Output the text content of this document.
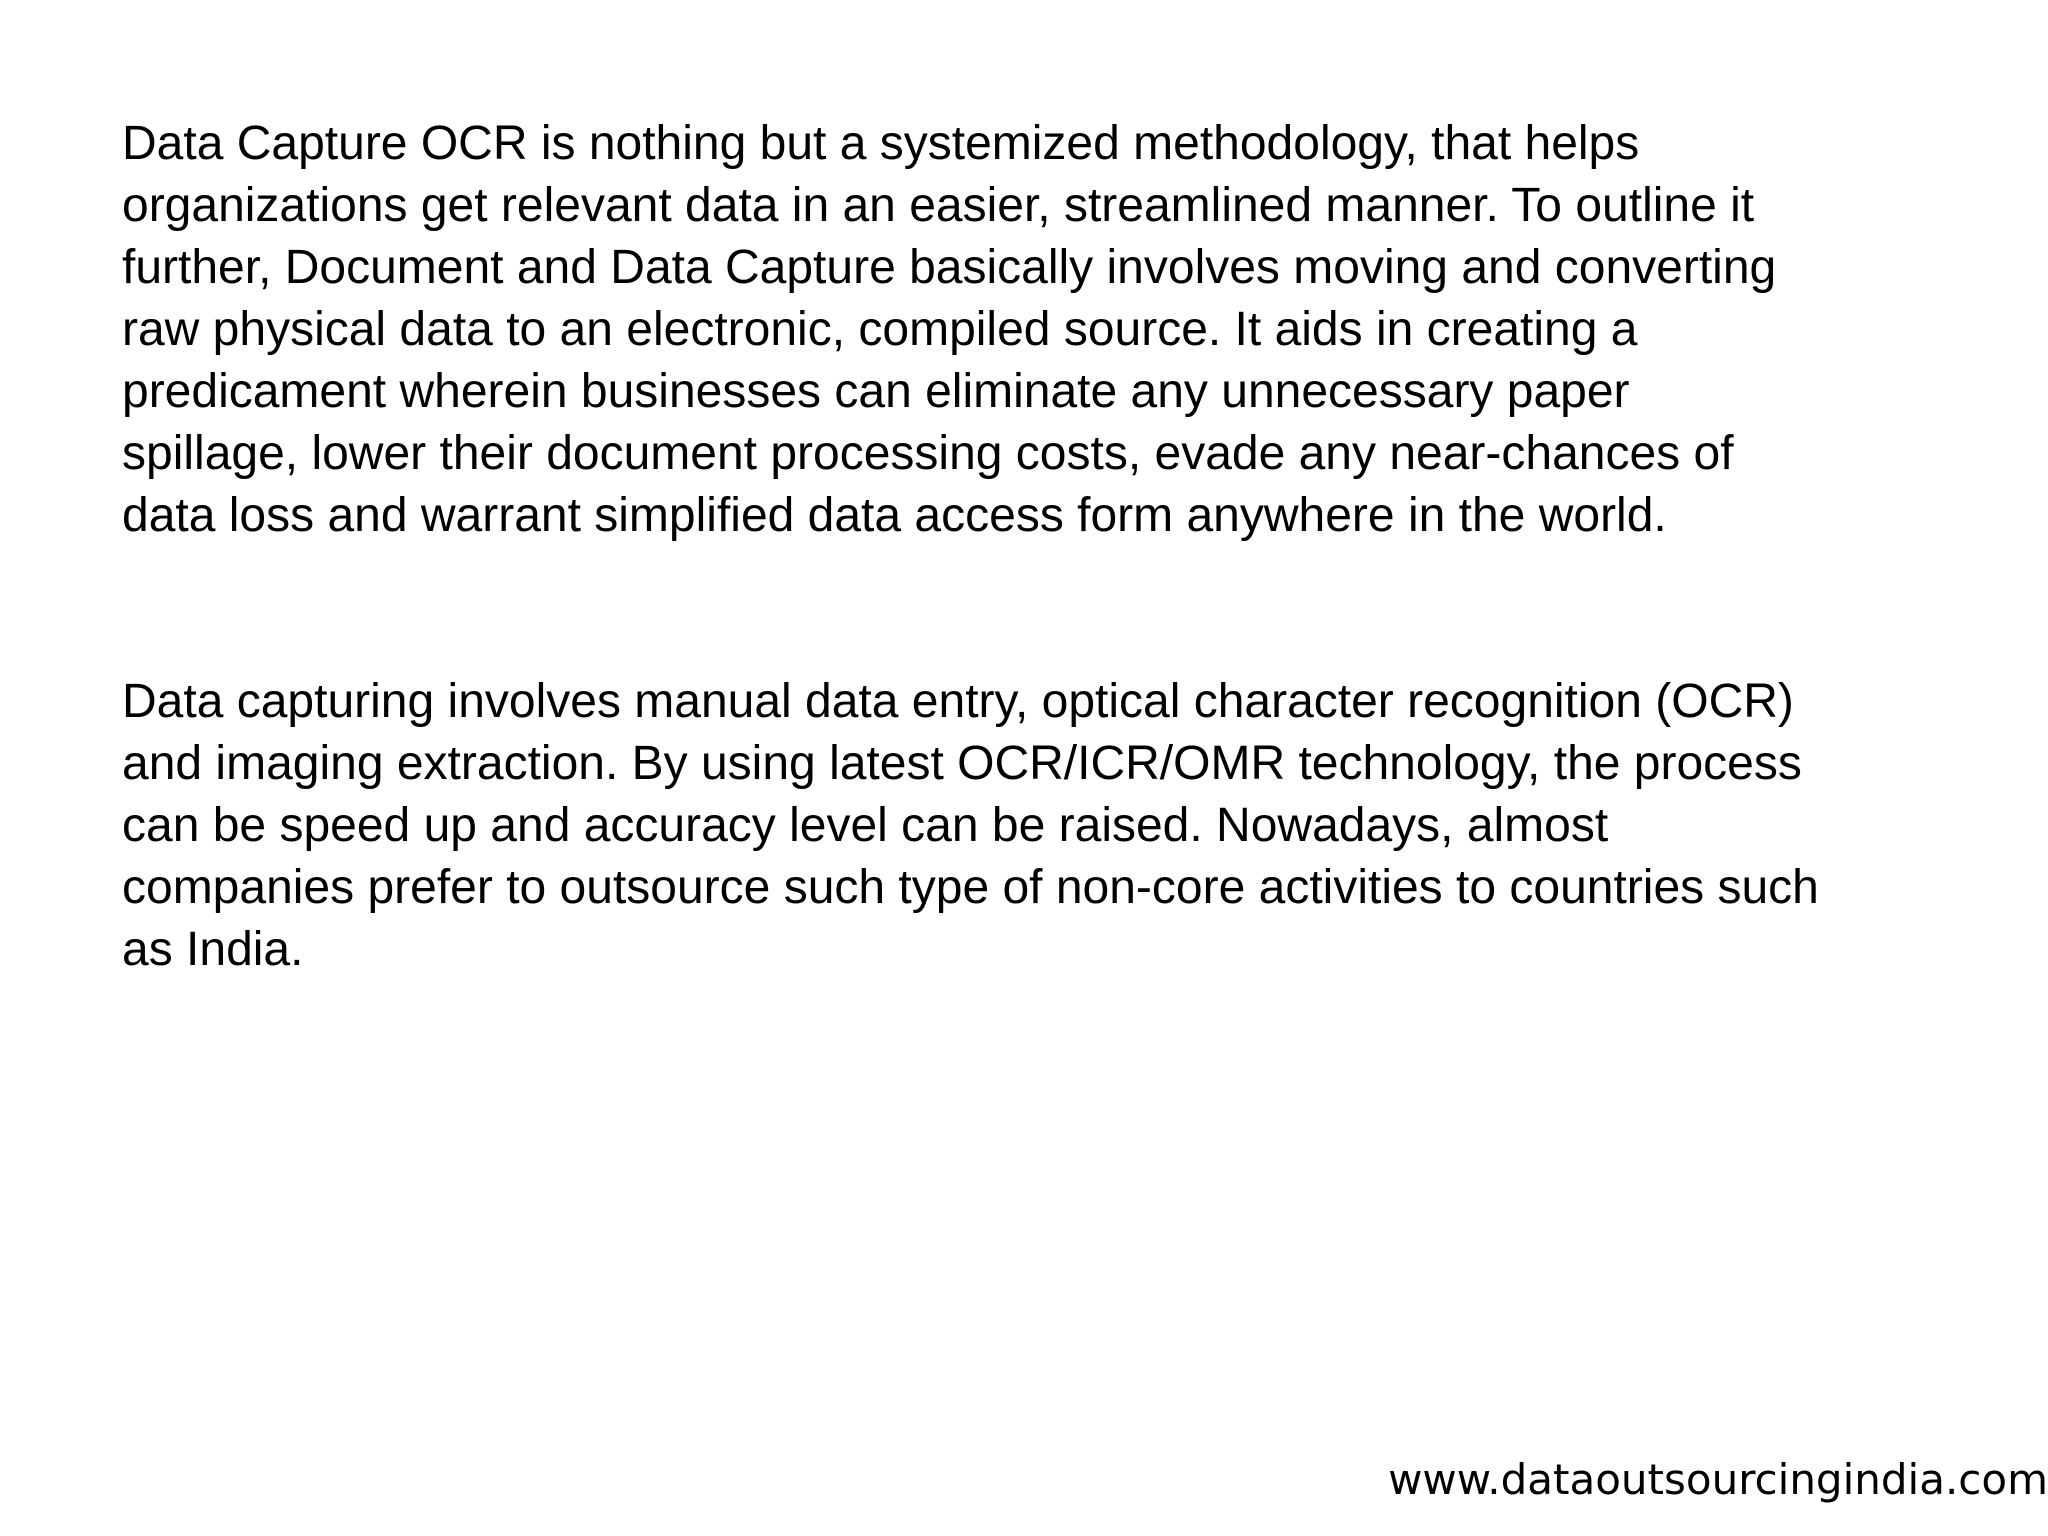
Data Capture OCR is nothing but a systemized methodology, that helps
organizations get relevant data in an easier, streamlined manner. To outline it
further, Document and Data Capture basically involves moving and converting
raw physical data to an electronic, compiled source. It aids in creating a
predicament wherein businesses can eliminate any unnecessary paper
spillage, lower their document processing costs, evade any near-chances of
data loss and warrant simplified data access form anywhere in the world.

Data capturing involves manual data entry, optical character recognition (OCR)
and imaging extraction. By using latest OCR/ICR/OMR technology, the process
can be speed up and accuracy level can be raised. Nowadays, almost
companies prefer to outsource such type of non-core activities to countries such
as India.

www.dataoutsourcingindia.com
